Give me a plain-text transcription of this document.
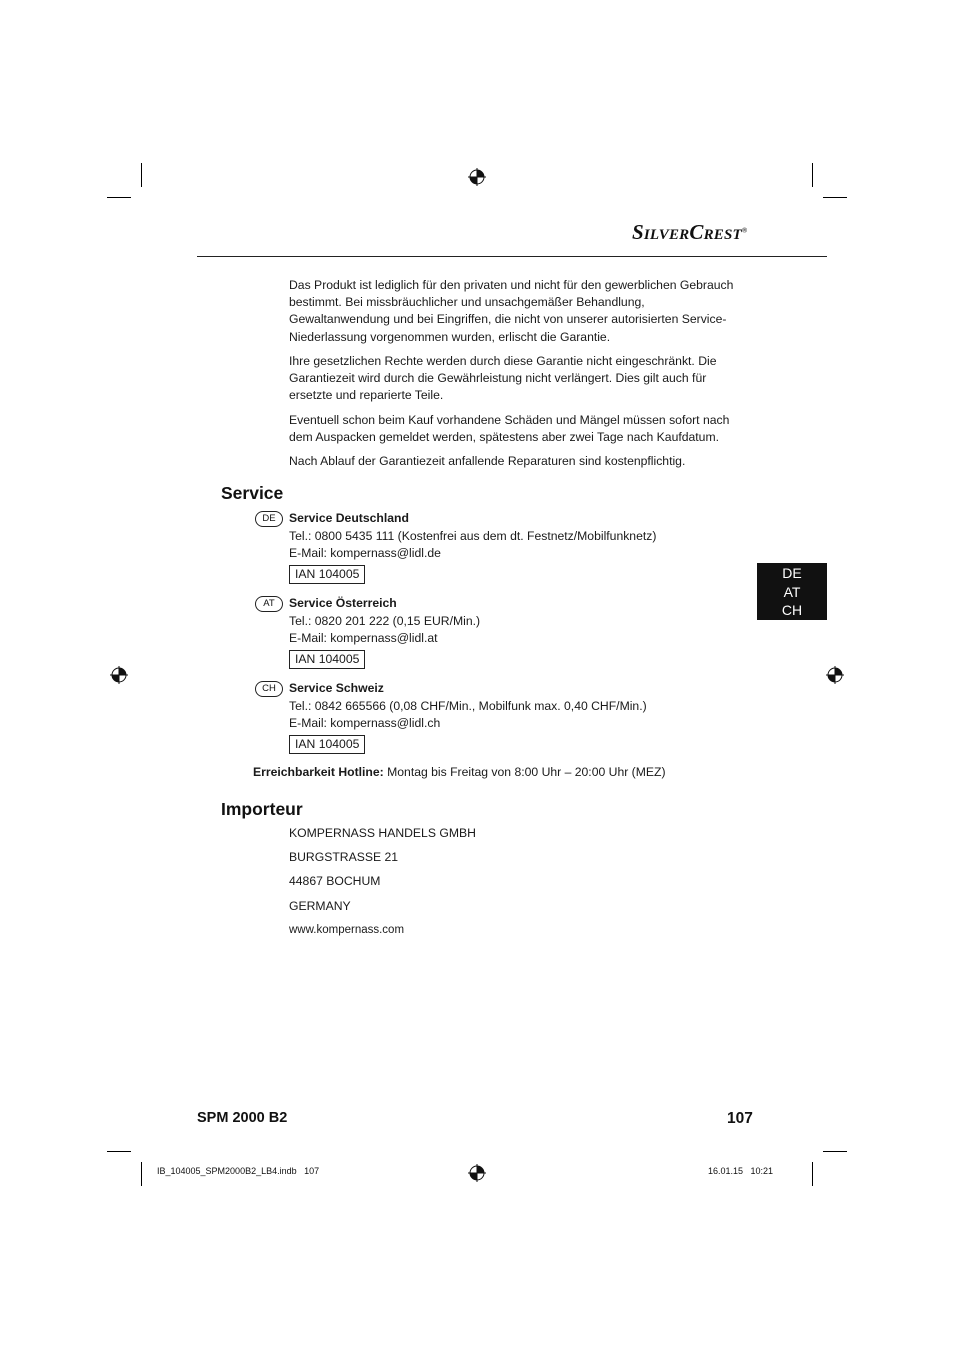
SILVERCREST®

Das Produkt ist lediglich für den privaten und nicht für den gewerblichen Gebrauch bestimmt. Bei missbräuchlicher und unsachgemäßer Behandlung, Gewaltanwendung und bei Eingriffen, die nicht von unserer autorisierten Service-Niederlassung vorgenommen wurden, erlischt die Garantie.

Ihre gesetzlichen Rechte werden durch diese Garantie nicht eingeschränkt. Die Garantiezeit wird durch die Gewährleistung nicht verlängert. Dies gilt auch für ersetzte und reparierte Teile.

Eventuell schon beim Kauf vorhandene Schäden und Mängel müssen sofort nach dem Auspacken gemeldet werden, spätestens aber zwei Tage nach Kaufdatum.

Nach Ablauf der Garantiezeit anfallende Reparaturen sind kostenpflichtig.

Service
DE	Service Deutschland
Tel.: 0800 5435 111 (Kostenfrei aus dem dt. Festnetz/Mobilfunknetz)
E-Mail: kompernass@lidl.de
IAN 104005
AT	Service Österreich
Tel.: 0820 201 222 (0,15 EUR/Min.)
E-Mail: kompernass@lidl.at
IAN 104005
CH	Service Schweiz
Tel.: 0842 665566 (0,08 CHF/Min., Mobilfunk max. 0,40 CHF/Min.)
E-Mail: kompernass@lidl.ch
IAN 104005
Erreichbarkeit Hotline: Montag bis Freitag von 8:00 Uhr – 20:00 Uhr (MEZ)
Importeur
KOMPERNASS HANDELS GMBH
BURGSTRASSE 21
44867 BOCHUM
GERMANY
www.kompernass.com
DE
AT
CH
SPM 2000 B2	107
IB_104005_SPM2000B2_LB4.indb   107	16.01.15   10:21
